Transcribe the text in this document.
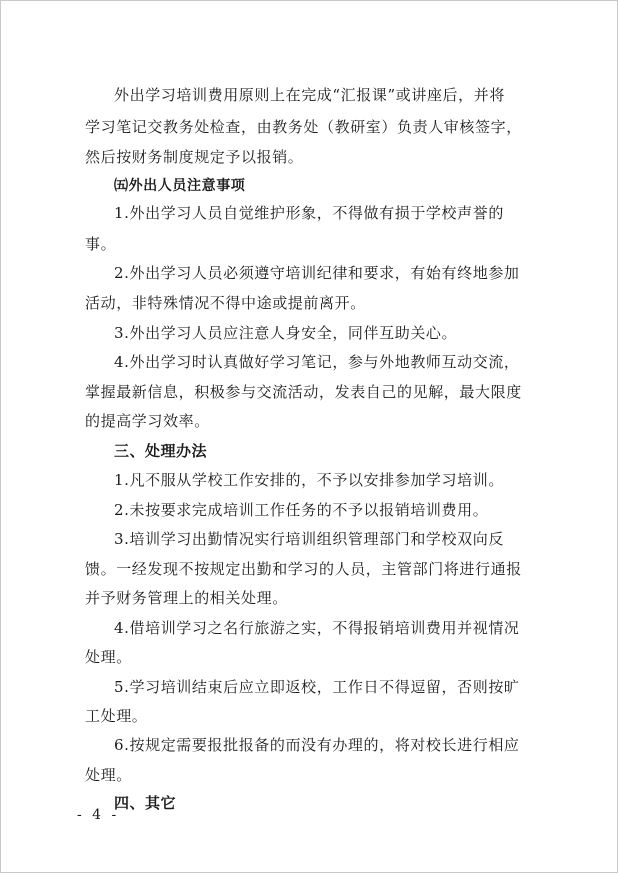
外出学习培训费用原则上在完成“汇报课”或讲座后，并将
学习笔记交教务处检查，由教务处（教研室）负责人审核签字，
然后按财务制度规定予以报销。
㈤外出人员注意事项
1.外出学习人员自觉维护形象，不得做有损于学校声誉的
事。
2.外出学习人员必须遵守培训纪律和要求，有始有终地参加
活动，非特殊情况不得中途或提前离开。
3.外出学习人员应注意人身安全，同伴互助关心。
4.外出学习时认真做好学习笔记，参与外地教师互动交流，
掌握最新信息，积极参与交流活动，发表自己的见解，最大限度
的提高学习效率。
三、处理办法
1.凡不服从学校工作安排的，不予以安排参加学习培训。
2.未按要求完成培训工作任务的不予以报销培训费用。
3.培训学习出勤情况实行培训组织管理部门和学校双向反
馈。一经发现不按规定出勤和学习的人员，主管部门将进行通报
并予财务管理上的相关处理。
4.借培训学习之名行旅游之实，不得报销培训费用并视情况
处理。
5.学习培训结束后应立即返校，工作日不得逗留，否则按旷
工处理。
6.按规定需要报批报备的而没有办理的，将对校长进行相应
处理。
四、其它
- 4 -
